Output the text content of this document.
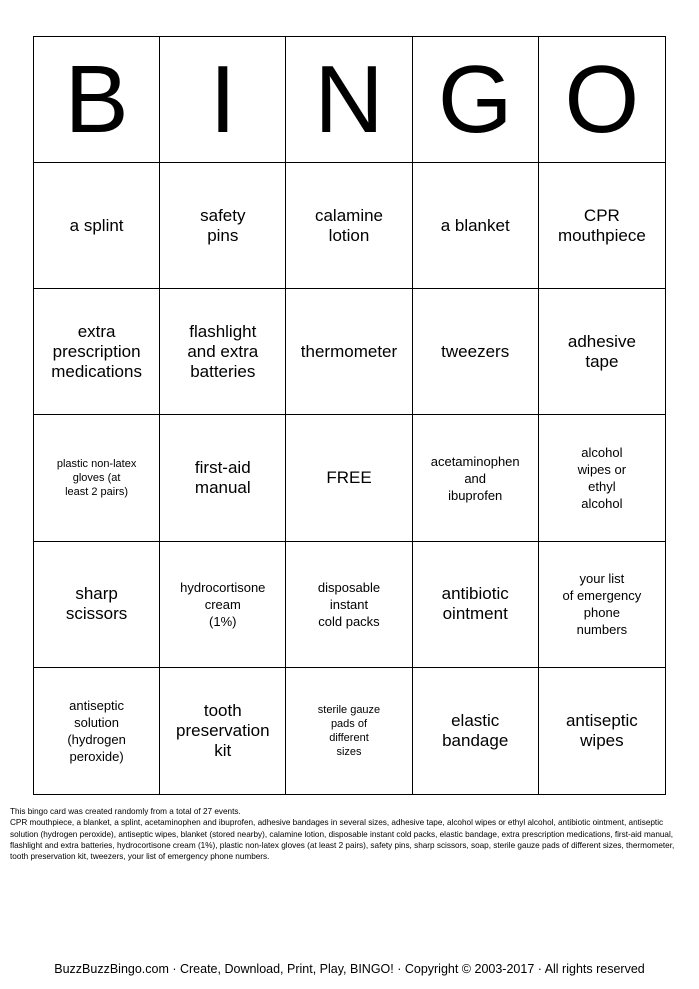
B I N G O
a splint
safety
pins
calamine
lotion
a blanket
CPR
mouthpiece
extra
prescription
medications
flashlight
and extra
batteries
thermometer	tweezers
adhesive
tape
plastic non-latex
gloves (at
least 2 pairs)
first-aid
manual
FREE
acetaminophen
and
ibuprofen
alcohol
wipes or
ethyl
alcohol
sharp
scissors
hydrocortisone
cream
(1%)
disposable
instant
cold packs
antibiotic
ointment
your list
of emergency
phone
numbers
antiseptic
solution
(hydrogen
peroxide)
tooth
preservation
kit
sterile gauze
pads of
different
sizes
elastic
bandage
antiseptic
wipes

This bingo card was created randomly from a total of 27 events.

CPR mouthpiece, a blanket, a splint, acetaminophen and ibuprofen, adhesive bandages in several sizes, adhesive tape, alcohol wipes or ethyl alcohol, antibiotic ointment, antiseptic solution (hydrogen peroxide), antiseptic wipes, blanket (stored nearby), calamine lotion, disposable instant cold packs, elastic bandage, extra prescription medications, first-aid manual, flashlight and extra batteries, hydrocortisone cream (1%), plastic non-latex gloves (at least 2 pairs), safety pins, sharp scissors, soap, sterile gauze pads of different sizes, thermometer, tooth preservation kit, tweezers, your list of emergency phone numbers.

BuzzBuzzBingo.com · Create, Download, Print, Play, BINGO! · Copyright © 2003-2017 · All rights reserved
